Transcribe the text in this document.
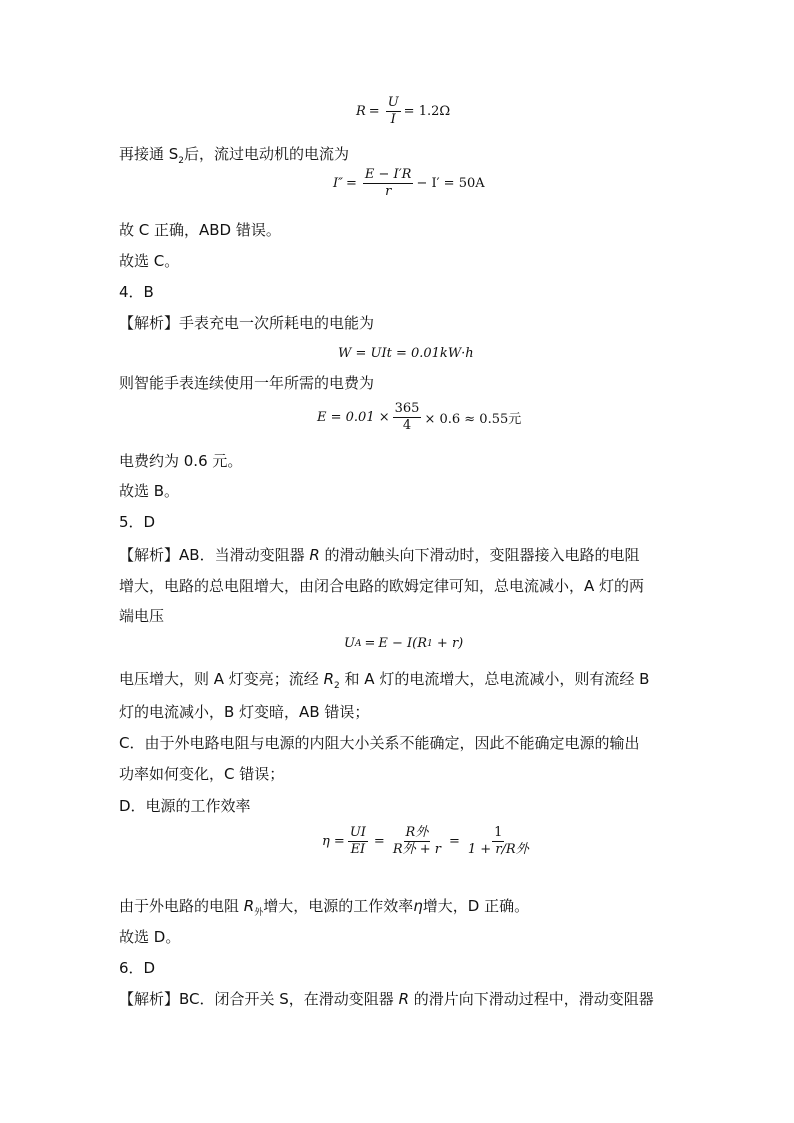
$R = \frac{U}{I} = 1.2\Omega$
再接通 $S_2$后，流过电动机的电流为
$I'' = \frac{E - I'R}{r} - I' = 50A$
故 C 正确，ABD 错误。
故选 C。
4．B
【解析】手表充电一次所耗电的电能为
W = UIt = 0.01kW·h
则智能手表连续使用一年所需的电费为
$E = 0.01 \times \frac{365}{4} \times 0.6 \approx 0.55$元
电费约为 0.6 元。
故选 B。
5．D
【解析】AB．当滑动变阻器 R 的滑动触头向下滑动时，变阻器接入电路的电阻
增大，电路的总电阻增大，由闭合电路的欧姆定律可知，总电流减小，A 灯的两
端电压
U A = E − I (R 1 + r)
电压增大，则 A 灯变亮；流经 $R_2$ 和 A 灯的电流增大，总电流减小，则有流经 B
灯的电流减小，B 灯变暗，AB 错误；
C．由于外电路电阻与电源的内阻大小关系不能确定，因此不能确定电源的输出
功率如何变化，C 错误；
D．电源的工作效率
$\eta = \frac{UI}{EI} = \frac{\text{R外}}{\text{R外 + r}} = \frac{1}{\text{1 + r/R外}}$
由于外电路的电阻 $R_外$增大，电源的工作效率η增大，D 正确。
故选 D。
6．D
【解析】BC．闭合开关 S，在滑动变阻器 R 的滑片向下滑动过程中，滑动变阻器
